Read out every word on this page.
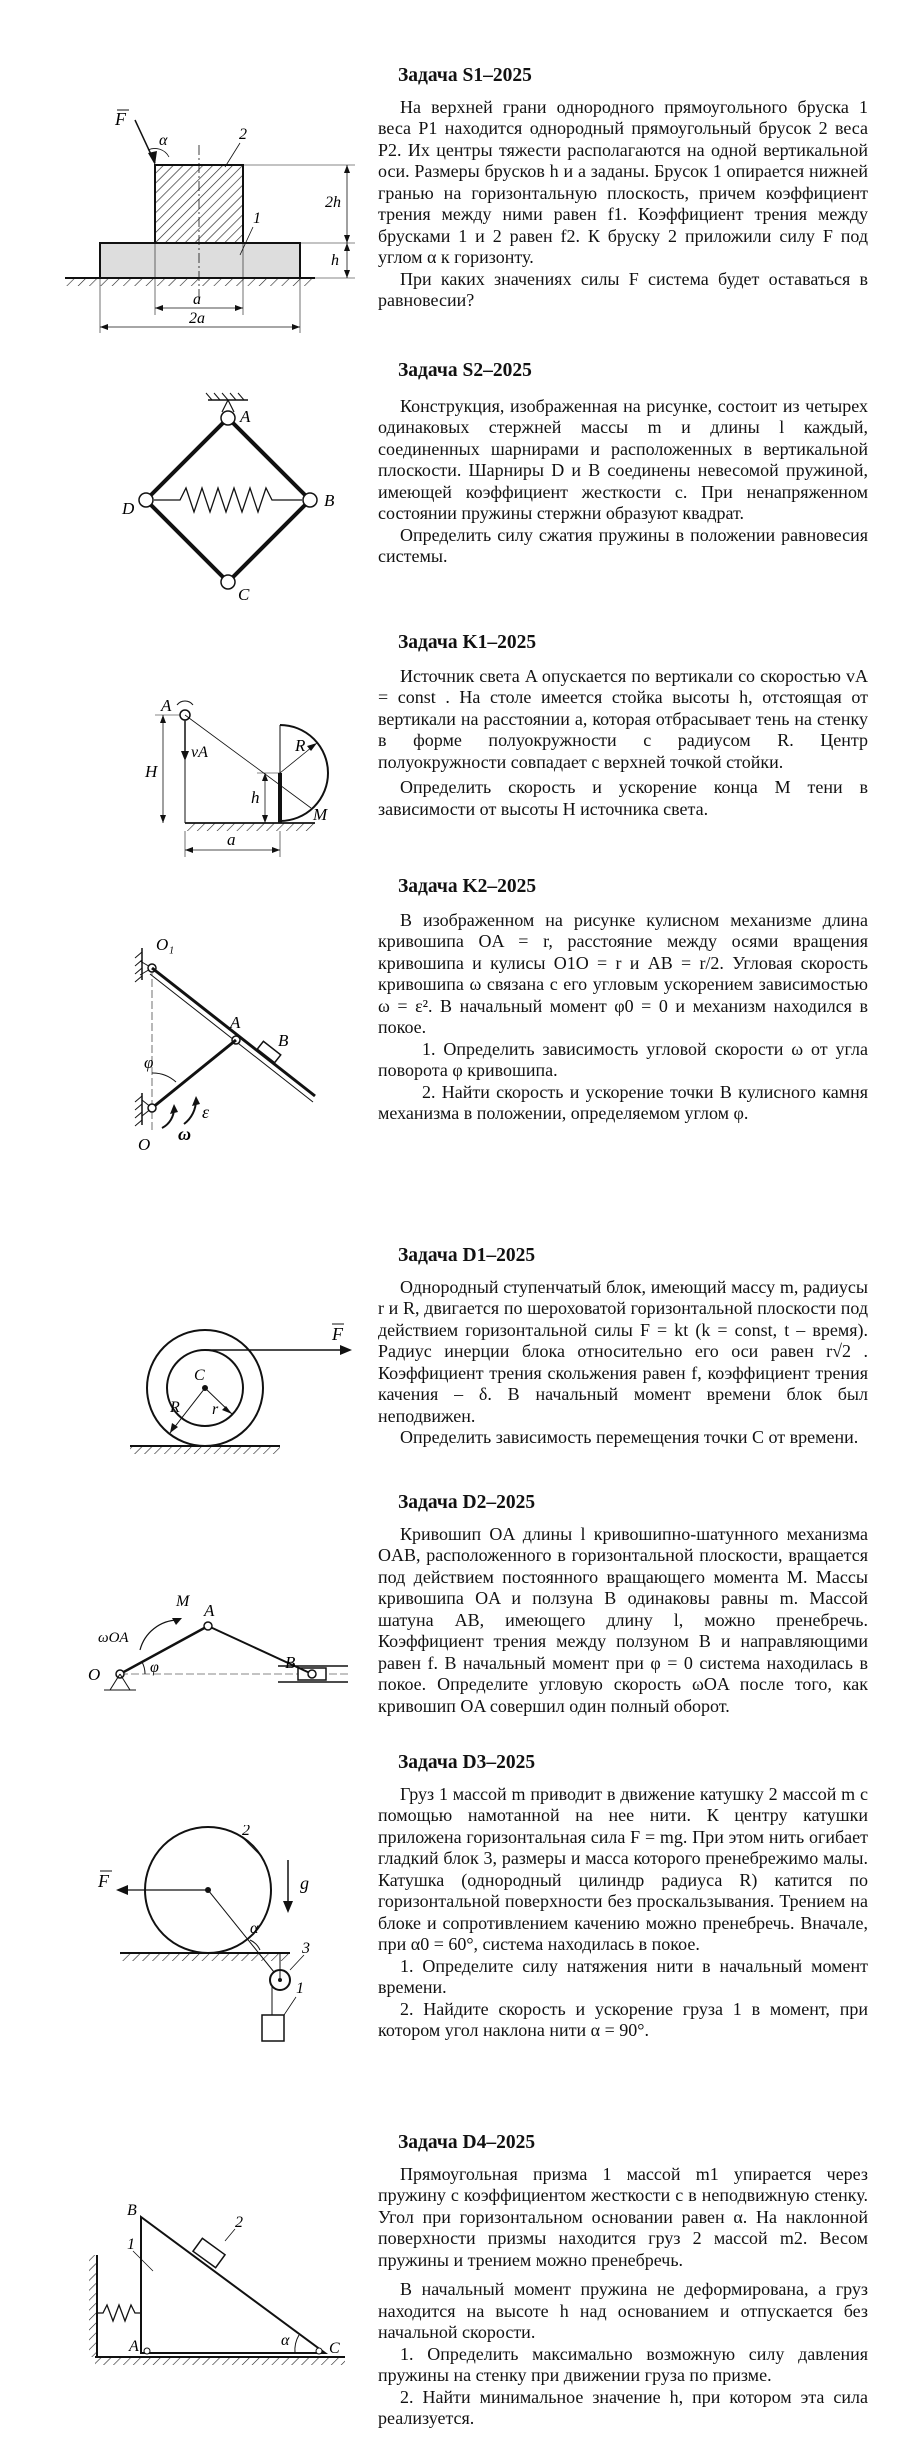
F
α	2
1
2h
h
a
2a
Задача S1–2025

На верхней грани однородного прямоугольного бруска 1 веса P1 находится однородный прямоугольный брусок 2 веса P2. Их центры тяжести располагаются на одной вертикальной оси. Размеры брусков h и a заданы. Брусок 1 опирается нижней гранью на горизонтальную плоскость, причем коэффициент трения между ними равен f1. Коэффициент трения между брусками 1 и 2 равен f2. К бруску 2 приложили силу F под углом α к горизонту.

При каких значениях силы F система будет оставаться в равновесии?

A
B
C
D
Задача S2–2025

Конструкция, изображенная на рисунке, состоит из четырех одинаковых стержней массы m и длины l каждый, соединенных шарнирами и расположенных в вертикальной плоскости. Шарниры D и B соединены невесомой пружиной, имеющей коэффициент жесткости c. При ненапряженном состоянии пружины стержни образуют квадрат.

Определить силу сжатия пружины в положении равновесия системы.

R
M
vA
A
H
h
a
Задача K1–2025

Источник света A опускается по вертикали со скоростью vA = const . На столе имеется стойка высоты h, отстоящая от вертикали на расстоянии a, которая отбрасывает тень на стенку в форме полуокружности с радиусом R. Центр полуокружности совпадает с верхней точкой стойки.

Определить скорость и ускорение конца M тени в зависимости от высоты H источника света.

O₁
A
B
O
φ
ω
ε
Задача K2–2025

В изображенном на рисунке кулисном механизме длина кривошипа OA = r, расстояние между осями вращения кривошипа и кулисы O1O = r и AB = r/2. Угловая скорость кривошипа ω связана с его угловым ускорением зависимостью ω = ε². В начальный момент φ0 = 0 и механизм находился в покое.

1. Определить зависимость угловой скорости ω от угла поворота φ кривошипа.

2. Найти скорость и ускорение точки B кулисного камня механизма в положении, определяемом углом φ.

F
C
R r
Задача D1–2025

Однородный ступенчатый блок, имеющий массу m, радиусы r и R, двигается по шероховатой горизонтальной плоскости под действием горизонтальной силы F = kt (k = const, t – время). Радиус инерции блока относительно его оси равен r√2 . Коэффициент трения скольжения равен f, коэффициент трения качения – δ. В начальный момент времени блок был неподвижен.

Определить зависимость перемещения точки C от времени.

φ
O
A
B
M
ωOA
Задача D2–2025

Кривошип OA длины l кривошипно-шатунного механизма OAB, расположенного в горизонтальной плоскости, вращается под действием постоянного вращающего момента M. Массы кривошипа OA и ползуна B одинаковы равны m. Массой шатуна AB, имеющего длину l, можно пренебречь. Коэффициент трения между ползуном B и направляющими равен f. В начальный момент при φ = 0 система находилась в покое. Определите угловую скорость ωOA после того, как кривошип OA совершил один полный оборот.

F
2
g
α
3
1
Задача D3–2025

Груз 1 массой m приводит в движение катушку 2 массой m с помощью намотанной на нее нити. К центру катушки приложена горизонтальная сила F = mg. При этом нить огибает гладкий блок 3, размеры и масса которого пренебрежимо малы. Катушка (однородный цилиндр радиуса R) катится по горизонтальной поверхности без проскальзывания. Трением на блоке и сопротивлением качению можно пренебречь. Вначале, при α0 = 60°, система находилась в покое.

1. Определите силу натяжения нити в начальный момент времени.

2. Найдите скорость и ускорение груза 1 в момент, при котором угол наклона нити α = 90°.

B
A	C
2
1
α
Задача D4–2025

Прямоугольная призма 1 массой m1 упирается через пружину с коэффициентом жесткости c в неподвижную стенку. Угол при горизонтальном основании равен α. На наклонной поверхности призмы находится груз 2 массой m2. Весом пружины и трением можно пренебречь.

В начальный момент пружина не деформирована, а груз находится на высоте h над основанием и отпускается без начальной скорости.

1. Определить максимально возможную силу давления пружины на стенку при движении груза по призме.

2. Найти минимальное значение h, при котором эта сила реализуется.
